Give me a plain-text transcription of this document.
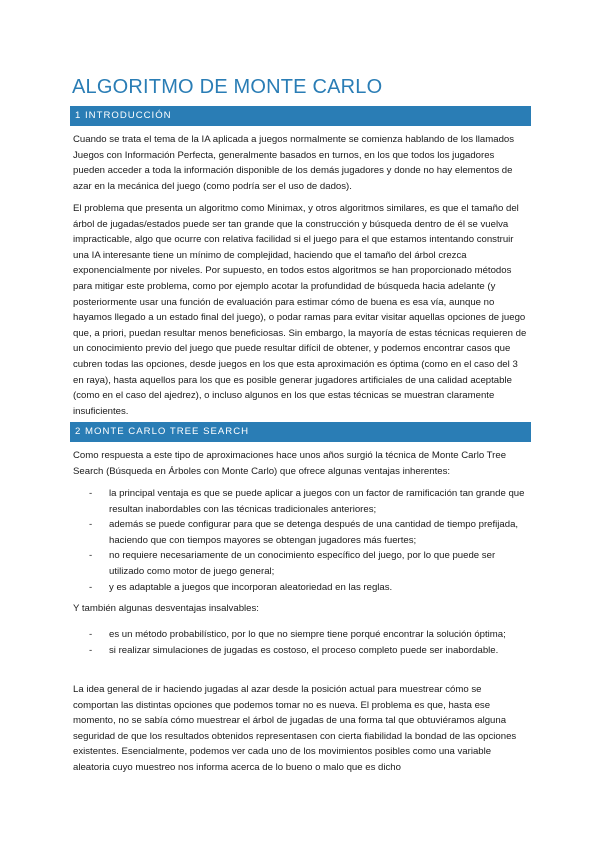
ALGORITMO DE MONTE CARLO
1 INTRODUCCIÓN

Cuando se trata el tema de la IA aplicada a juegos normalmente se comienza hablando de los llamados Juegos con Información Perfecta, generalmente basados en turnos, en los que todos los jugadores pueden acceder a toda la información disponible de los demás jugadores y donde no hay elementos de azar en la mecánica del juego (como podría ser el uso de dados).

El problema que presenta un algoritmo como Minimax, y otros algoritmos similares, es que el tamaño del árbol de jugadas/estados puede ser tan grande que la construcción y búsqueda dentro de él se vuelva impracticable, algo que ocurre con relativa facilidad si el juego para el que estamos intentando construir una IA interesante tiene un mínimo de complejidad, haciendo que el tamaño del árbol crezca exponencialmente por niveles. Por supuesto, en todos estos algoritmos se han proporcionado métodos para mitigar este problema, como por ejemplo acotar la profundidad de búsqueda hacia adelante (y posteriormente usar una función de evaluación para estimar cómo de buena es esa vía, aunque no hayamos llegado a un estado final del juego), o podar ramas para evitar visitar aquellas opciones de juego que, a priori, puedan resultar menos beneficiosas. Sin embargo, la mayoría de estas técnicas requieren de un conocimiento previo del juego que puede resultar difícil de obtener, y podemos encontrar casos que cubren todas las opciones, desde juegos en los que esta aproximación es óptima (como en el caso del 3 en raya), hasta aquellos para los que es posible generar jugadores artificiales de una calidad aceptable (como en el caso del ajedrez), o incluso algunos en los que estas técnicas se muestran claramente insuficientes.

2 MONTE CARLO TREE SEARCH

Como respuesta a este tipo de aproximaciones hace unos años surgió la técnica de Monte Carlo Tree Search (Búsqueda en Árboles con Monte Carlo) que ofrece algunas ventajas inherentes:

- la principal ventaja es que se puede aplicar a juegos con un factor de ramificación tan grande que resultan inabordables con las técnicas tradicionales anteriores;
- además se puede configurar para que se detenga después de una cantidad de tiempo prefijada, haciendo que con tiempos mayores se obtengan jugadores más fuertes;
- no requiere necesariamente de un conocimiento específico del juego, por lo que puede ser utilizado como motor de juego general;
- y es adaptable a juegos que incorporan aleatoriedad en las reglas.

Y también algunas desventajas insalvables:

- es un método probabilístico, por lo que no siempre tiene porqué encontrar la solución óptima;
- si realizar simulaciones de jugadas es costoso, el proceso completo puede ser inabordable.

La idea general de ir haciendo jugadas al azar desde la posición actual para muestrear cómo se comportan las distintas opciones que podemos tomar no es nueva. El problema es que, hasta ese momento, no se sabía cómo muestrear el árbol de jugadas de una forma tal que obtuviéramos alguna seguridad de que los resultados obtenidos representasen con cierta fiabilidad la bondad de las opciones existentes. Esencialmente, podemos ver cada uno de los movimientos posibles como una variable aleatoria cuyo muestreo nos informa acerca de lo bueno o malo que es dicho
